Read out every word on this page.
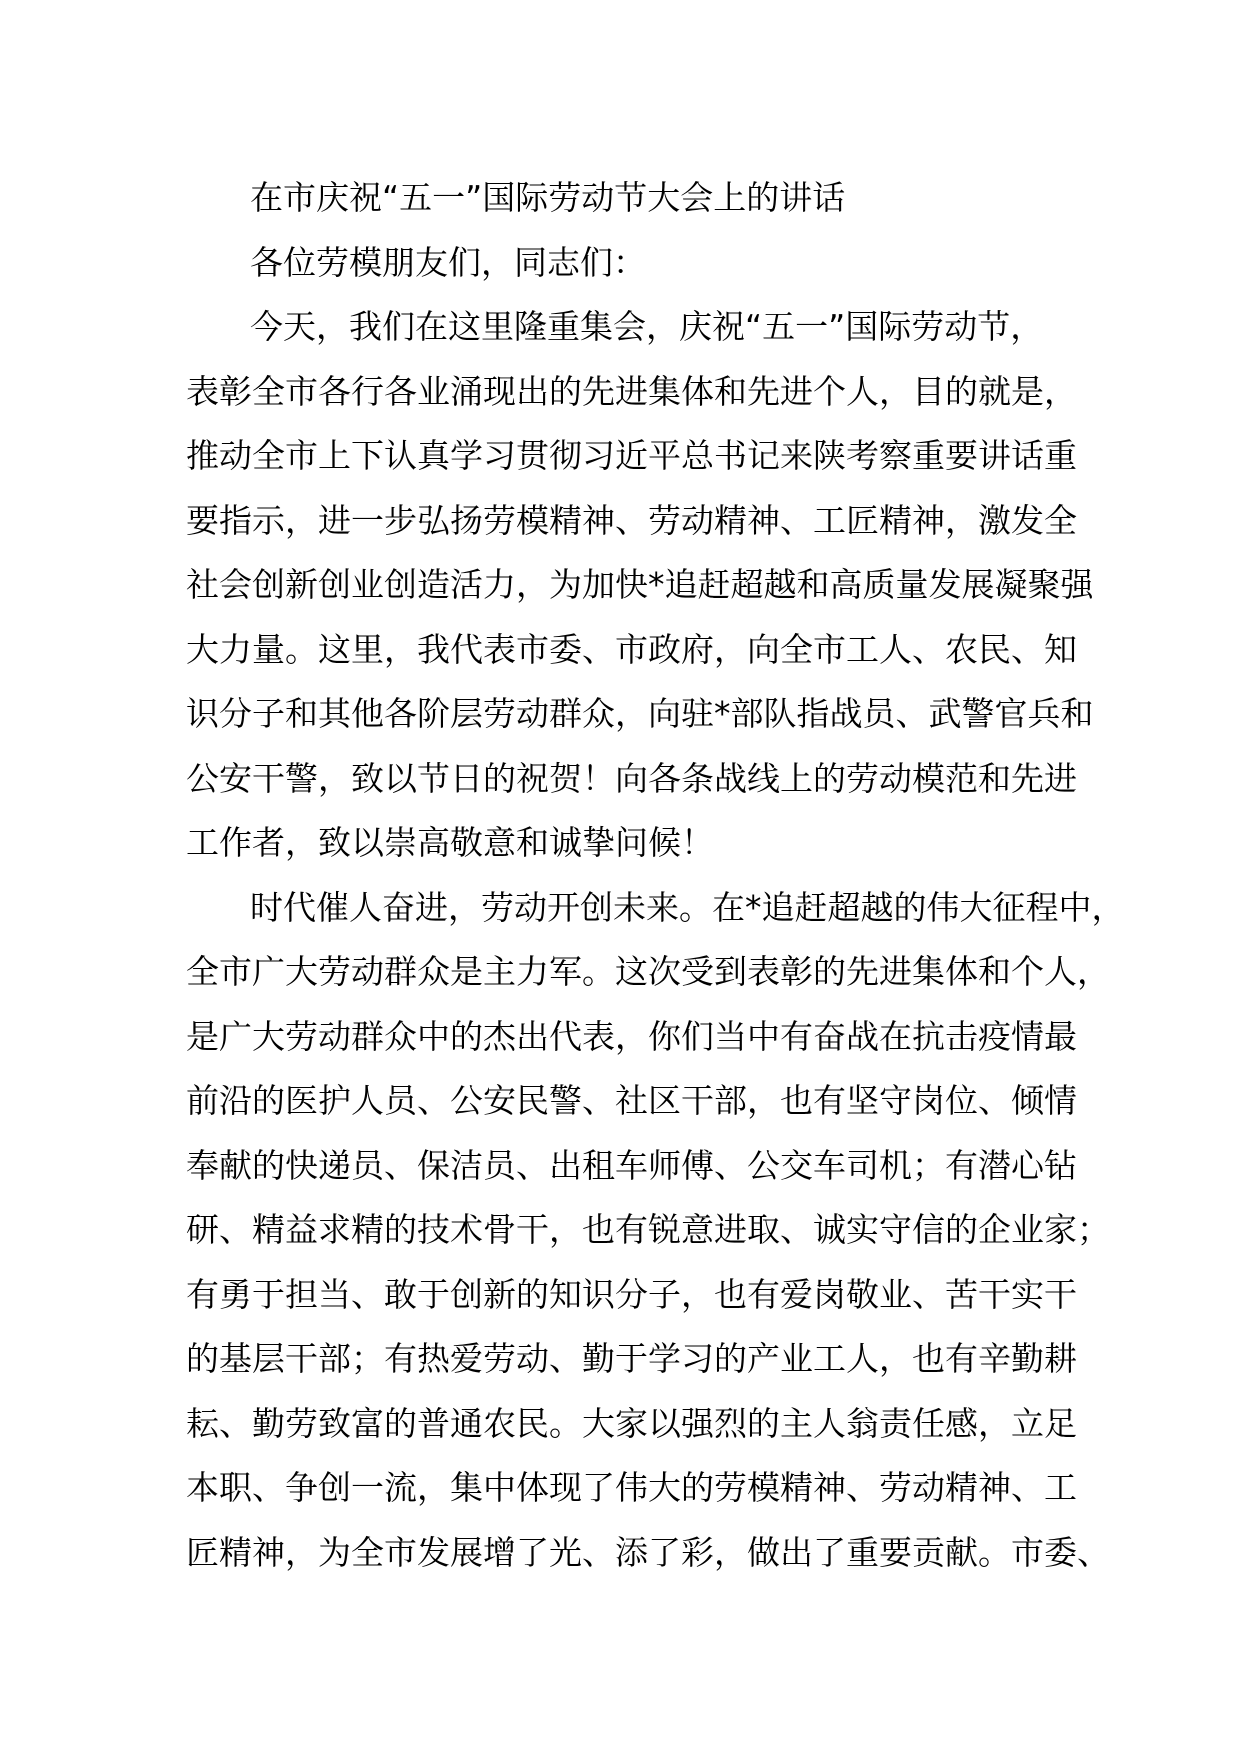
在市庆祝“五一”国际劳动节大会上的讲话
各位劳模朋友们，同志们：
今天，我们在这里隆重集会，庆祝“五一”国际劳动节，
表彰全市各行各业涌现出的先进集体和先进个人，目的就是，
推动全市上下认真学习贯彻习近平总书记来陕考察重要讲话重
要指示，进一步弘扬劳模精神、劳动精神、工匠精神，激发全
社会创新创业创造活力，为加快*追赶超越和高质量发展凝聚强
大力量。这里，我代表市委、市政府，向全市工人、农民、知
识分子和其他各阶层劳动群众，向驻*部队指战员、武警官兵和
公安干警，致以节日的祝贺！向各条战线上的劳动模范和先进
工作者，致以崇高敬意和诚挚问候！
时代催人奋进，劳动开创未来。在*追赶超越的伟大征程中，
全市广大劳动群众是主力军。这次受到表彰的先进集体和个人，
是广大劳动群众中的杰出代表，你们当中有奋战在抗击疫情最
前沿的医护人员、公安民警、社区干部，也有坚守岗位、倾情
奉献的快递员、保洁员、出租车师傅、公交车司机；有潜心钻
研、精益求精的技术骨干，也有锐意进取、诚实守信的企业家；
有勇于担当、敢于创新的知识分子，也有爱岗敬业、苦干实干
的基层干部；有热爱劳动、勤于学习的产业工人，也有辛勤耕
耘、勤劳致富的普通农民。大家以强烈的主人翁责任感，立足
本职、争创一流，集中体现了伟大的劳模精神、劳动精神、工
匠精神，为全市发展增了光、添了彩，做出了重要贡献。市委、
